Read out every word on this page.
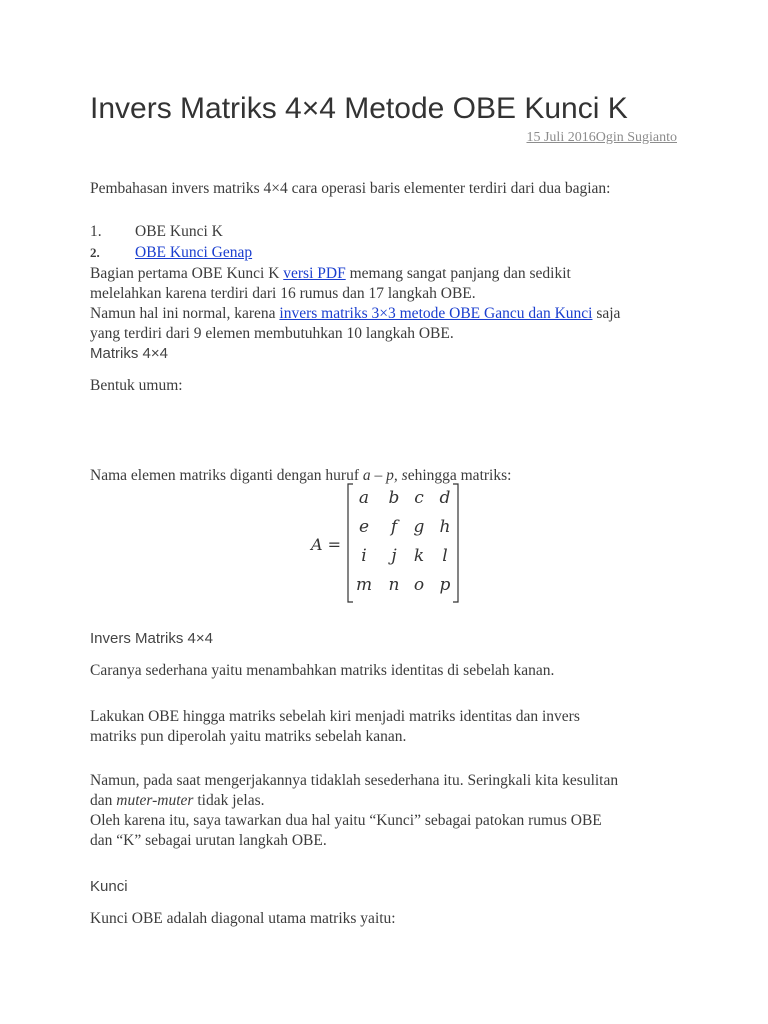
Invers Matriks 4×4 Metode OBE Kunci K
15 Juli 2016Ogin Sugianto
Pembahasan invers matriks 4×4 cara operasi baris elementer terdiri dari dua bagian:
1. OBE Kunci K
2. OBE Kunci Genap
Bagian pertama OBE Kunci K versi PDF memang sangat panjang dan sedikit
melelahkan karena terdiri dari 16 rumus dan 17 langkah OBE.
Namun hal ini normal, karena invers matriks 3×3 metode OBE Gancu dan Kunci saja
yang terdiri dari 9 elemen membutuhkan 10 langkah OBE.
Matriks 4×4
Bentuk umum:
Nama elemen matriks diganti dengan huruf a – p, sehingga matriks:
A =
a b c d
e f g h
i j k l
m n o p
Invers Matriks 4×4
Caranya sederhana yaitu menambahkan matriks identitas di sebelah kanan.
Lakukan OBE hingga matriks sebelah kiri menjadi matriks identitas dan invers
matriks pun diperolah yaitu matriks sebelah kanan.
Namun, pada saat mengerjakannya tidaklah sesederhana itu. Seringkali kita kesulitan
dan muter-muter tidak jelas.
Oleh karena itu, saya tawarkan dua hal yaitu “Kunci” sebagai patokan rumus OBE
dan “K” sebagai urutan langkah OBE.
Kunci
Kunci OBE adalah diagonal utama matriks yaitu:
